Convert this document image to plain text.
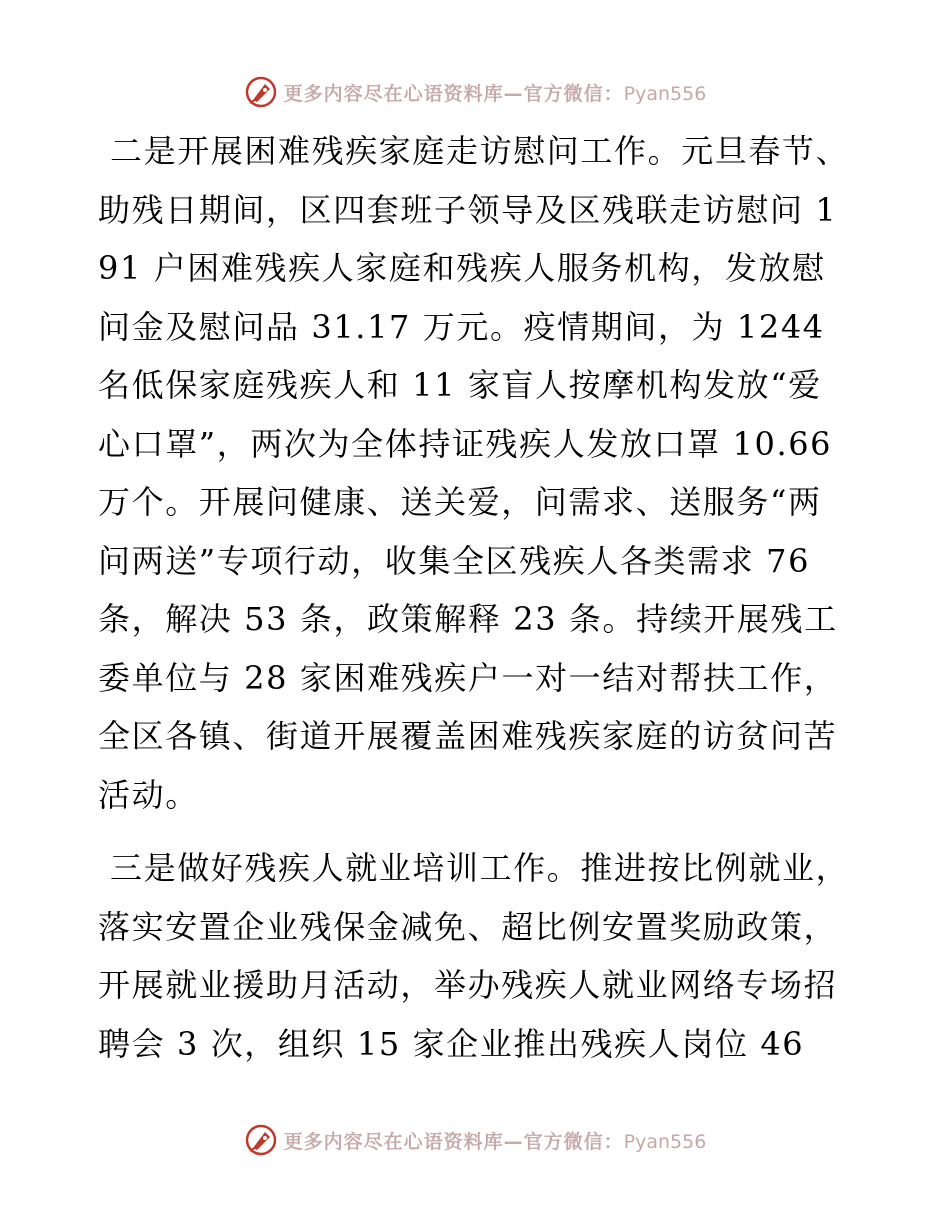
更多内容尽在心语资料库—官方微信：Pyan556

二是开展困难残疾家庭走访慰问工作。元旦春节、助残日期间，区四套班子领导及区残联走访慰问 191 户困难残疾人家庭和残疾人服务机构，发放慰问金及慰问品 31.17 万元。疫情期间，为 1244 名低保家庭残疾人和 11 家盲人按摩机构发放“爱心口罩”，两次为全体持证残疾人发放口罩 10.66 万个。开展问健康、送关爱，问需求、送服务“两问两送”专项行动，收集全区残疾人各类需求 76 条，解决 53 条，政策解释 23 条。持续开展残工委单位与 28 家困难残疾户一对一结对帮扶工作，全区各镇、街道开展覆盖困难残疾家庭的访贫问苦活动。

三是做好残疾人就业培训工作。推进按比例就业，落实安置企业残保金减免、超比例安置奖励政策，开展就业援助月活动，举办残疾人就业网络专场招聘会 3 次，组织 15 家企业推出残疾人岗位 46

更多内容尽在心语资料库—官方微信：Pyan556
